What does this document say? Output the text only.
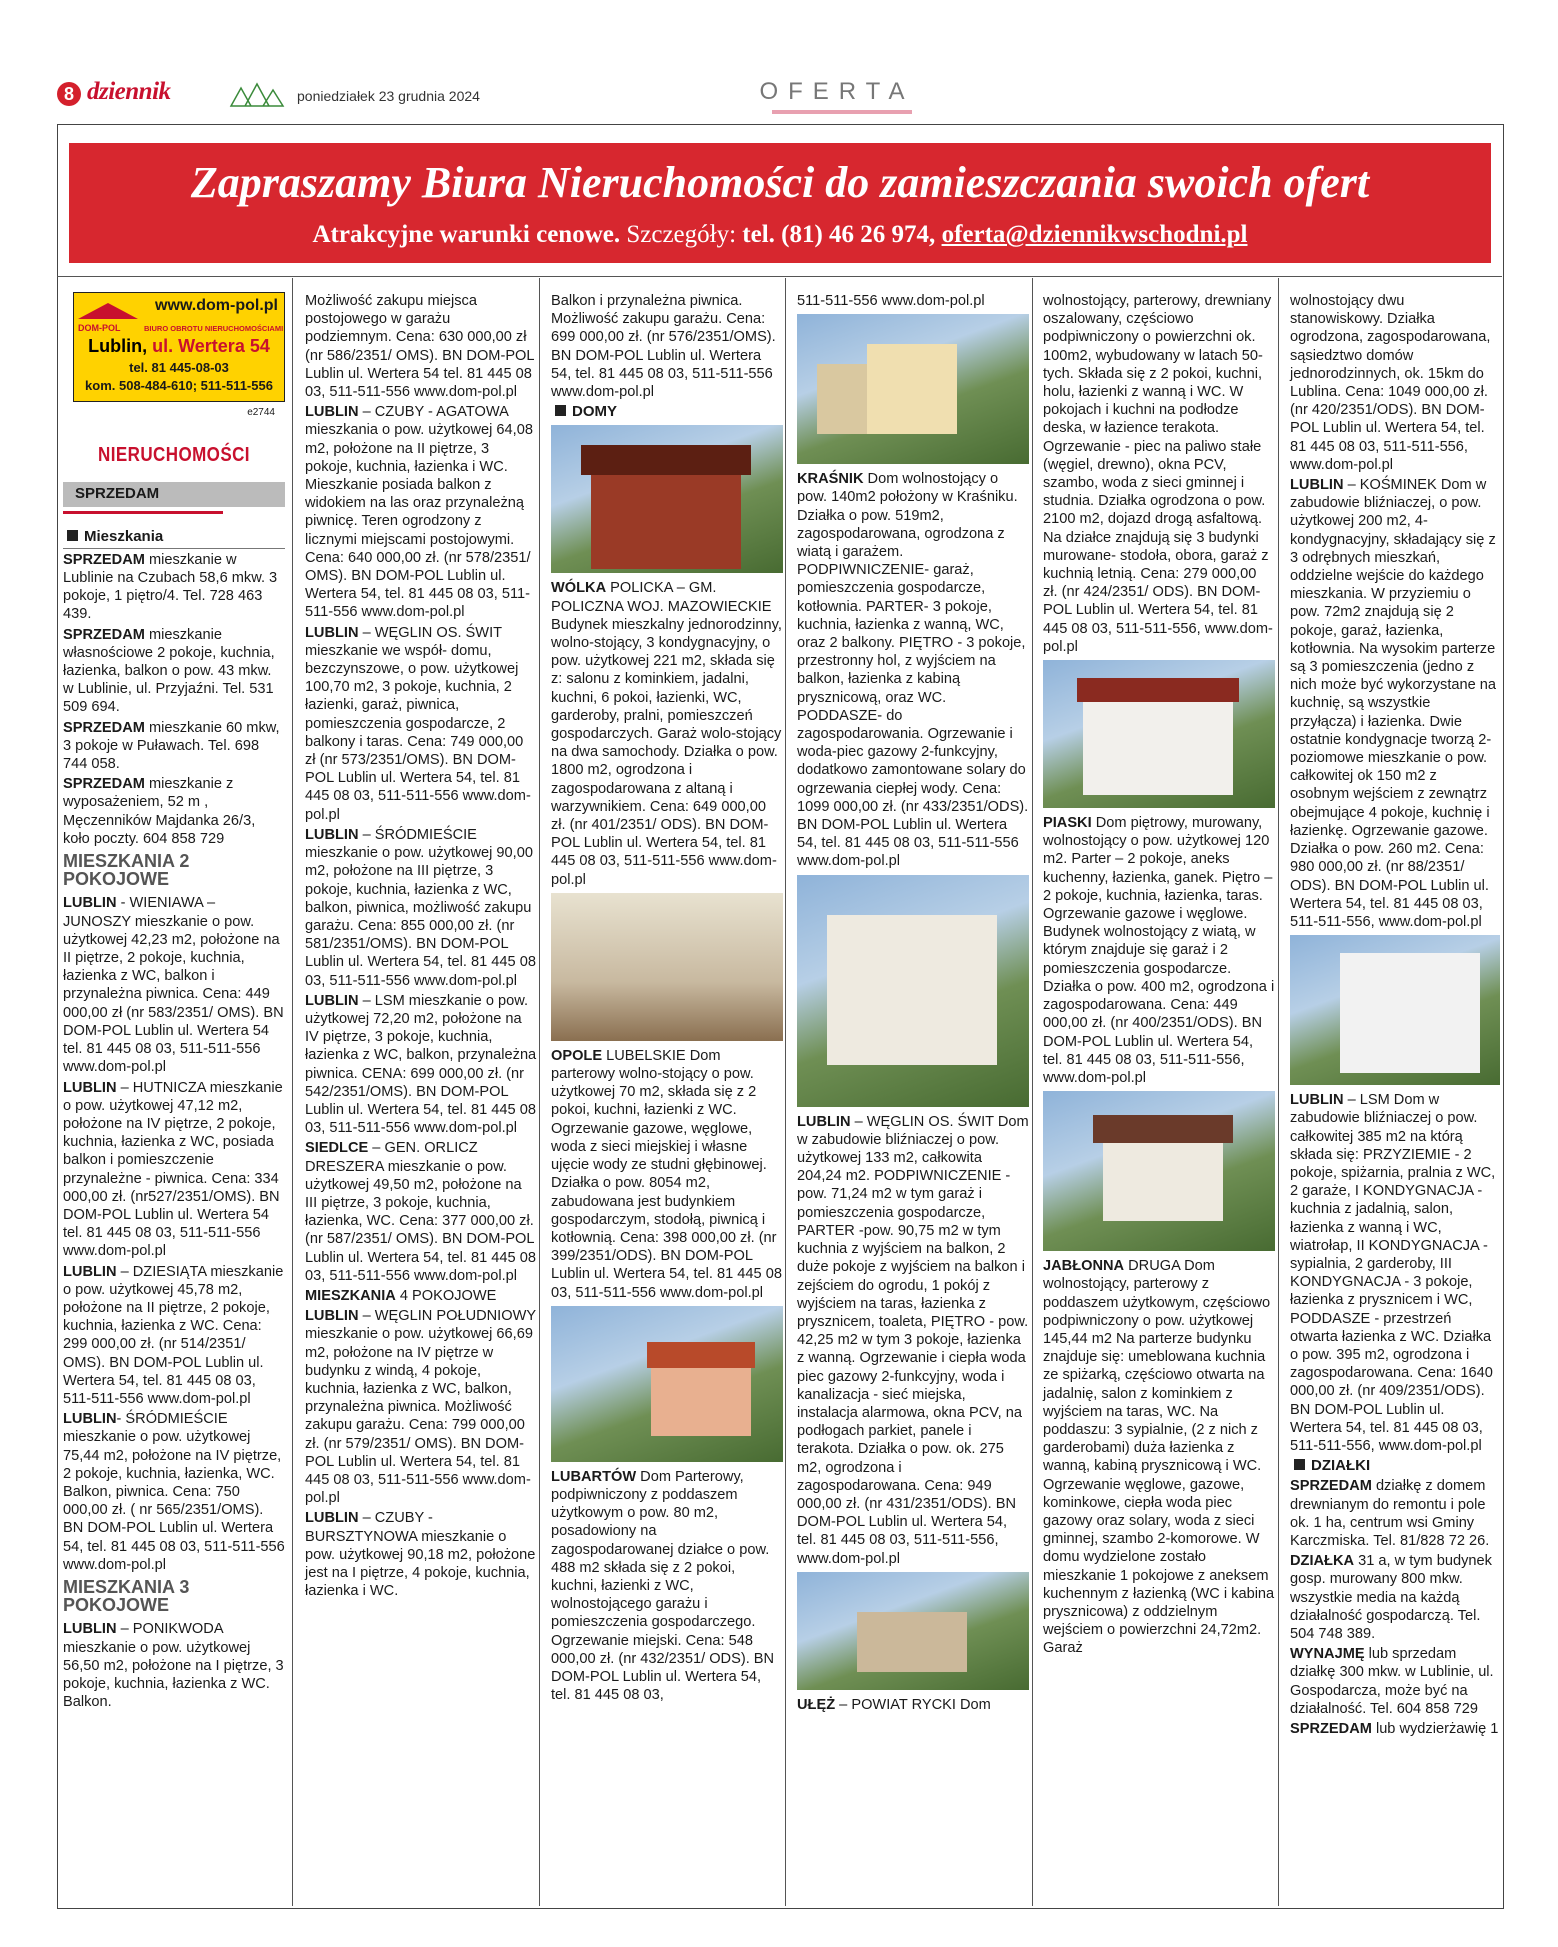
8 dziennik	poniedziałek 23 grudnia 2024	OFERTA
Zapraszamy Biura Nieruchomości do zamieszczania swoich ofert
Atrakcyjne warunki cenowe. Szczegóły: tel. (81) 46 26 974, oferta@dziennikwschodni.pl
www.dom-pol.pl
DOM-POL	BIURO OBROTU NIERUCHOMOŚCIAMI
Lublin, ul. Wertera 54
tel. 81 445-08-03
kom. 508-484-610; 511-511-556
e2744
NIERUCHOMOŚCI
SPRZEDAM
Mieszkania

SPRZEDAM mieszkanie w Lublinie na Czubach 58,6 mkw. 3 pokoje, 1 piętro/4. Tel. 728 463 439.

SPRZEDAM mieszkanie własnościowe 2 pokoje, kuchnia, łazienka, balkon o pow. 43 mkw. w Lublinie, ul. Przyjaźni. Tel. 531 509 694.

SPRZEDAM mieszkanie 60 mkw, 3 pokoje w Puławach. Tel. 698 744 058.

SPRZEDAM mieszkanie z wyposażeniem, 52 m , Męczenników Majdanka 26/3, koło poczty. 604 858 729

MIESZKANIA 2 POKOJOWE

LUBLIN - WIENIAWA – JUNOSZY mieszkanie o pow. użytkowej 42,23 m2, położone na II piętrze, 2 pokoje, kuchnia, łazienka z WC, balkon i przynależna piwnica. Cena: 449 000,00 zł (nr 583/2351/ OMS). BN DOM-POL Lublin ul. Wertera 54 tel. 81 445 08 03, 511-511-556 www.dom-pol.pl

LUBLIN – HUTNICZA mieszkanie o pow. użytkowej 47,12 m2, położone na IV piętrze, 2 pokoje, kuchnia, łazienka z WC, posiada balkon i pomieszczenie przynależne - piwnica. Cena: 334 000,00 zł. (nr527/2351/OMS). BN DOM-POL Lublin ul. Wertera 54 tel. 81 445 08 03, 511-511-556 www.dom-pol.pl

LUBLIN – DZIESIĄTA mieszkanie o pow. użytkowej 45,78 m2, położone na II piętrze, 2 pokoje, kuchnia, łazienka z WC. Cena: 299 000,00 zł. (nr 514/2351/ OMS). BN DOM-POL Lublin ul. Wertera 54, tel. 81 445 08 03, 511-511-556 www.dom-pol.pl

LUBLIN- ŚRÓDMIEŚCIE mieszkanie o pow. użytkowej 75,44 m2, położone na IV piętrze, 2 pokoje, kuchnia, łazienka, WC. Balkon, piwnica. Cena: 750 000,00 zł. ( nr 565/2351/OMS). BN DOM-POL Lublin ul. Wertera 54, tel. 81 445 08 03, 511-511-556 www.dom-pol.pl

MIESZKANIA 3 POKOJOWE

LUBLIN – PONIKWODA mieszkanie o pow. użytkowej 56,50 m2, położone na I piętrze, 3 pokoje, kuchnia, łazienka z WC. Balkon.

Możliwość zakupu miejsca postojowego w garażu podziemnym. Cena: 630 000,00 zł (nr 586/2351/ OMS). BN DOM-POL Lublin ul. Wertera 54 tel. 81 445 08 03, 511-511-556 www.dom-pol.pl

LUBLIN – CZUBY - AGATOWA mieszkania o pow. użytkowej 64,08 m2, położone na II piętrze, 3 pokoje, kuchnia, łazienka i WC. Mieszkanie posiada balkon z widokiem na las oraz przynależną piwnicę. Teren ogrodzony z licznymi miejscami postojowymi. Cena: 640 000,00 zł. (nr 578/2351/ OMS). BN DOM-POL Lublin ul. Wertera 54, tel. 81 445 08 03, 511-511-556 www.dom-pol.pl

LUBLIN – WĘGLIN OS. ŚWIT mieszkanie we współ- domu, bezczynszowe, o pow. użytkowej 100,70 m2, 3 pokoje, kuchnia, 2 łazienki, garaż, piwnica, pomieszczenia gospodarcze, 2 balkony i taras. Cena: 749 000,00 zł (nr 573/2351/OMS). BN DOM-POL Lublin ul. Wertera 54, tel. 81 445 08 03, 511-511-556 www.dom-pol.pl

LUBLIN – ŚRÓDMIEŚCIE mieszkanie o pow. użytkowej 90,00 m2, położone na III piętrze, 3 pokoje, kuchnia, łazienka z WC, balkon, piwnica, możliwość zakupu garażu. Cena: 855 000,00 zł. (nr 581/2351/OMS). BN DOM-POL Lublin ul. Wertera 54, tel. 81 445 08 03, 511-511-556 www.dom-pol.pl

LUBLIN – LSM mieszkanie o pow. użytkowej 72,20 m2, położone na IV piętrze, 3 pokoje, kuchnia, łazienka z WC, balkon, przynależna piwnica. CENA: 699 000,00 zł. (nr 542/2351/OMS). BN DOM-POL Lublin ul. Wertera 54, tel. 81 445 08 03, 511-511-556 www.dom-pol.pl

SIEDLCE – GEN. ORLICZ DRESZERA mieszkanie o pow. użytkowej 49,50 m2, położone na III piętrze, 3 pokoje, kuchnia, łazienka, WC. Cena: 377 000,00 zł. (nr 587/2351/ OMS). BN DOM-POL Lublin ul. Wertera 54, tel. 81 445 08 03, 511-511-556 www.dom-pol.pl

MIESZKANIA 4 POKOJOWE

LUBLIN – WĘGLIN POŁUDNIOWY mieszkanie o pow. użytkowej 66,69 m2, położone na IV piętrze w budynku z windą, 4 pokoje, kuchnia, łazienka z WC, balkon, przynależna piwnica. Możliwość zakupu garażu. Cena: 799 000,00 zł. (nr 579/2351/ OMS). BN DOM-POL Lublin ul. Wertera 54, tel. 81 445 08 03, 511-511-556 www.dom-pol.pl

LUBLIN – CZUBY - BURSZTYNOWA mieszkanie o pow. użytkowej 90,18 m2, położone jest na I piętrze, 4 pokoje, kuchnia, łazienka i WC.

Balkon i przynależna piwnica. Możliwość zakupu garażu. Cena: 699 000,00 zł. (nr 576/2351/OMS). BN DOM-POL Lublin ul. Wertera 54, tel. 81 445 08 03, 511-511-556 www.dom-pol.pl

DOMY

WÓLKA POLICKA – GM. POLICZNA WOJ. MAZOWIECKIE Budynek mieszkalny jednorodzinny, wolno-stojący, 3 kondygnacyjny, o pow. użytkowej 221 m2, składa się z: salonu z kominkiem, jadalni, kuchni, 6 pokoi, łazienki, WC, garderoby, pralni, pomieszczeń gospodarczych. Garaż wolo-stojący na dwa samochody. Działka o pow. 1800 m2, ogrodzona i zagospodarowana z altaną i warzywnikiem. Cena: 649 000,00 zł. (nr 401/2351/ ODS). BN DOM-POL Lublin ul. Wertera 54, tel. 81 445 08 03, 511-511-556 www.dom-pol.pl

OPOLE LUBELSKIE Dom parterowy wolno-stojący o pow. użytkowej 70 m2, składa się z 2 pokoi, kuchni, łazienki z WC. Ogrzewanie gazowe, węglowe, woda z sieci miejskiej i własne ujęcie wody ze studni głębinowej. Działka o pow. 8054 m2, zabudowana jest budynkiem gospodarczym, stodołą, piwnicą i kotłownią. Cena: 398 000,00 zł. (nr 399/2351/ODS). BN DOM-POL Lublin ul. Wertera 54, tel. 81 445 08 03, 511-511-556 www.dom-pol.pl

LUBARTÓW Dom Parterowy, podpiwniczony z poddaszem użytkowym o pow. 80 m2, posadowiony na zagospodarowanej działce o pow. 488 m2 składa się z 2 pokoi, kuchni, łazienki z WC, wolnostojącego garażu i pomieszczenia gospodarczego. Ogrzewanie miejski. Cena: 548 000,00 zł. (nr 432/2351/ ODS). BN DOM-POL Lublin ul. Wertera 54, tel. 81 445 08 03,

511-511-556 www.dom-pol.pl

KRAŚNIK Dom wolnostojący o pow. 140m2 położony w Kraśniku. Działka o pow. 519m2, zagospodarowana, ogrodzona z wiatą i garażem. PODPIWNICZENIE- garaż, pomieszczenia gospodarcze, kotłownia. PARTER- 3 pokoje, kuchnia, łazienka z wanną, WC, oraz 2 balkony. PIĘTRO - 3 pokoje, przestronny hol, z wyjściem na balkon, łazienka z kabiną prysznicową, oraz WC. PODDASZE- do zagospodarowania. Ogrzewanie i woda-piec gazowy 2-funkcyjny, dodatkowo zamontowane solary do ogrzewania ciepłej wody. Cena: 1099 000,00 zł. (nr 433/2351/ODS). BN DOM-POL Lublin ul. Wertera 54, tel. 81 445 08 03, 511-511-556 www.dom-pol.pl

LUBLIN – WĘGLIN OS. ŚWIT Dom w zabudowie bliźniaczej o pow. użytkowej 133 m2, całkowita 204,24 m2. PODPIWNICZENIE - pow. 71,24 m2 w tym garaż i pomieszczenia gospodarcze, PARTER -pow. 90,75 m2 w tym kuchnia z wyjściem na balkon, 2 duże pokoje z wyjściem na balkon i zejściem do ogrodu, 1 pokój z wyjściem na taras, łazienka z prysznicem, toaleta, PIĘTRO - pow. 42,25 m2 w tym 3 pokoje, łazienka z wanną. Ogrzewanie i ciepła woda piec gazowy 2-funkcyjny, woda i kanalizacja - sieć miejska, instalacja alarmowa, okna PCV, na podłogach parkiet, panele i terakota. Działka o pow. ok. 275 m2, ogrodzona i zagospodarowana. Cena: 949 000,00 zł. (nr 431/2351/ODS). BN DOM-POL Lublin ul. Wertera 54, tel. 81 445 08 03, 511-511-556, www.dom-pol.pl

UŁĘŻ – POWIAT RYCKI Dom

wolnostojący, parterowy, drewniany oszalowany, częściowo podpiwniczony o powierzchni ok. 100m2, wybudowany w latach 50-tych. Składa się z 2 pokoi, kuchni, holu, łazienki z wanną i WC. W pokojach i kuchni na podłodze deska, w łazience terakota. Ogrzewanie - piec na paliwo stałe (węgiel, drewno), okna PCV, szambo, woda z sieci gminnej i studnia. Działka ogrodzona o pow. 2100 m2, dojazd drogą asfaltową. Na działce znajdują się 3 budynki murowane- stodoła, obora, garaż z kuchnią letnią. Cena: 279 000,00 zł. (nr 424/2351/ ODS). BN DOM-POL Lublin ul. Wertera 54, tel. 81 445 08 03, 511-511-556, www.dom-pol.pl

PIASKI Dom piętrowy, murowany, wolnostojący o pow. użytkowej 120 m2. Parter – 2 pokoje, aneks kuchenny, łazienka, ganek. Piętro – 2 pokoje, kuchnia, łazienka, taras. Ogrzewanie gazowe i węglowe. Budynek wolnostojący z wiatą, w którym znajduje się garaż i 2 pomieszczenia gospodarcze. Działka o pow. 400 m2, ogrodzona i zagospodarowana. Cena: 449 000,00 zł. (nr 400/2351/ODS). BN DOM-POL Lublin ul. Wertera 54, tel. 81 445 08 03, 511-511-556, www.dom-pol.pl

JABŁONNA DRUGA Dom wolnostojący, parterowy z poddaszem użytkowym, częściowo podpiwniczony o pow. użytkowej 145,44 m2 Na parterze budynku znajduje się: umeblowana kuchnia ze spiżarką, częściowo otwarta na jadalnię, salon z kominkiem z wyjściem na taras, WC. Na poddaszu: 3 sypialnie, (2 z nich z garderobami) duża łazienka z wanną, kabiną prysznicową i WC. Ogrzewanie węglowe, gazowe, kominkowe, ciepła woda piec gazowy oraz solary, woda z sieci gminnej, szambo 2-komorowe. W domu wydzielone zostało mieszkanie 1 pokojowe z aneksem kuchennym z łazienką (WC i kabina prysznicowa) z oddzielnym wejściem o powierzchni 24,72m2. Garaż

wolnostojący dwu stanowiskowy. Działka ogrodzona, zagospodarowana, sąsiedztwo domów jednorodzinnych, ok. 15km do Lublina. Cena: 1049 000,00 zł. (nr 420/2351/ODS). BN DOM-POL Lublin ul. Wertera 54, tel. 81 445 08 03, 511-511-556, www.dom-pol.pl

LUBLIN – KOŚMINEK Dom w zabudowie bliźniaczej, o pow. użytkowej 200 m2, 4-kondygnacyjny, składający się z 3 odrębnych mieszkań, oddzielne wejście do każdego mieszkania. W przyziemiu o pow. 72m2 znajdują się 2 pokoje, garaż, łazienka, kotłownia. Na wysokim parterze są 3 pomieszczenia (jedno z nich może być wykorzystane na kuchnię, są wszystkie przyłącza) i łazienka. Dwie ostatnie kondygnacje tworzą 2-poziomowe mieszkanie o pow. całkowitej ok 150 m2 z osobnym wejściem z zewnątrz obejmujące 4 pokoje, kuchnię i łazienkę. Ogrzewanie gazowe. Działka o pow. 260 m2. Cena: 980 000,00 zł. (nr 88/2351/ ODS). BN DOM-POL Lublin ul. Wertera 54, tel. 81 445 08 03, 511-511-556, www.dom-pol.pl

LUBLIN – LSM Dom w zabudowie bliźniaczej o pow. całkowitej 385 m2 na którą składa się: PRZYZIEMIE - 2 pokoje, spiżarnia, pralnia z WC, 2 garaże, I KONDYGNACJA - kuchnia z jadalnią, salon, łazienka z wanną i WC, wiatrołap, II KONDYGNACJA - sypialnia, 2 garderoby, III KONDYGNACJA - 3 pokoje, łazienka z prysznicem i WC, PODDASZE - przestrzeń otwarta łazienka z WC. Działka o pow. 395 m2, ogrodzona i zagospodarowana. Cena: 1640 000,00 zł. (nr 409/2351/ODS). BN DOM-POL Lublin ul. Wertera 54, tel. 81 445 08 03, 511-511-556, www.dom-pol.pl

DZIAŁKI

SPRZEDAM działkę z domem drewnianym do remontu i pole ok. 1 ha, centrum wsi Gminy Karczmiska. Tel. 81/828 72 26.

DZIAŁKA 31 a, w tym budynek gosp. murowany 800 mkw. wszystkie media na każdą działalność gospodarczą. Tel. 504 748 389.

WYNAJMĘ lub sprzedam działkę 300 mkw. w Lublinie, ul. Gospodarcza, może być na działalność. Tel. 604 858 729

SPRZEDAM lub wydzierżawię 1
